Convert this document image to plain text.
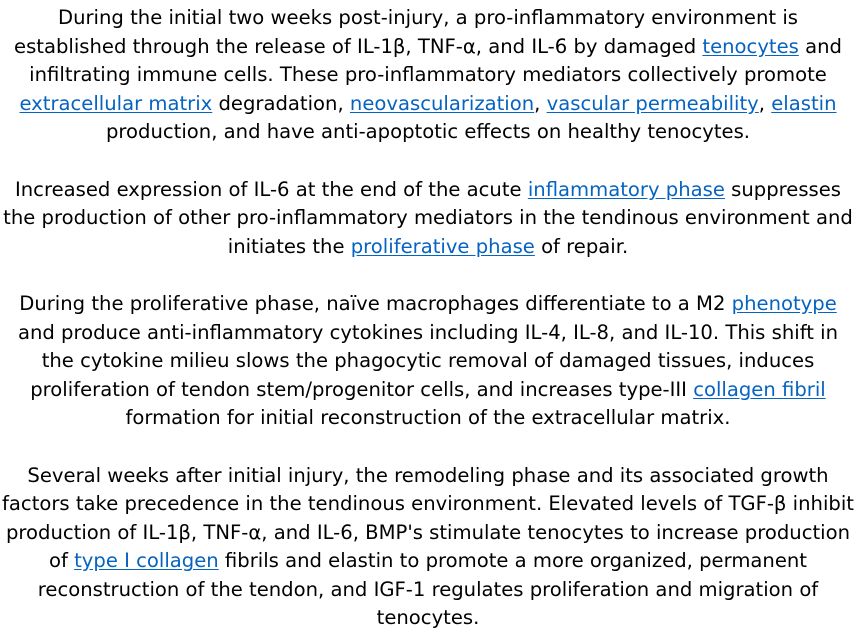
During the initial two weeks post-injury, a pro-inflammatory environment is established through the release of IL-1β, TNF-α, and IL-6 by damaged tenocytes and infiltrating immune cells. These pro-inflammatory mediators collectively promote extracellular matrix degradation, neovascularization, vascular permeability, elastin production, and have anti-apoptotic effects on healthy tenocytes.

Increased expression of IL-6 at the end of the acute inflammatory phase suppresses the production of other pro-inflammatory mediators in the tendinous environment and initiates the proliferative phase of repair.

During the proliferative phase, naïve macrophages differentiate to a M2 phenotype and produce anti-inflammatory cytokines including IL-4, IL-8, and IL-10. This shift in the cytokine milieu slows the phagocytic removal of damaged tissues, induces proliferation of tendon stem/progenitor cells, and increases type-III collagen fibril formation for initial reconstruction of the extracellular matrix.

Several weeks after initial injury, the remodeling phase and its associated growth factors take precedence in the tendinous environment. Elevated levels of TGF-β inhibit production of IL-1β, TNF-α, and IL-6, BMP's stimulate tenocytes to increase production of type I collagen fibrils and elastin to promote a more organized, permanent reconstruction of the tendon, and IGF-1 regulates proliferation and migration of tenocytes.
